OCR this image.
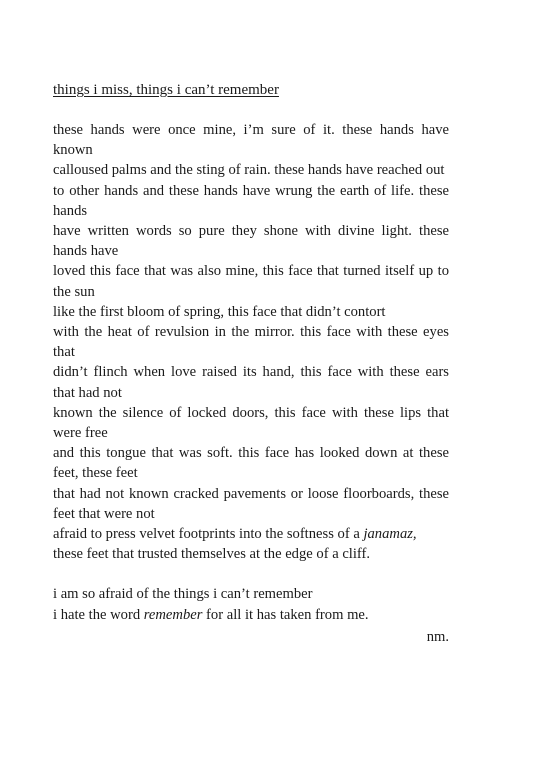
things i miss, things i can’t remember
these hands were once mine, i’m sure of it. these hands have known
calloused palms and the sting of rain. these hands have reached out
to other hands and these hands have wrung the earth of life. these hands
have written words so pure they shone with divine light. these hands have
loved this face that was also mine, this face that turned itself up to the sun
like the first bloom of spring, this face that didn’t contort
with the heat of revulsion in the mirror. this face with these eyes that
didn’t flinch when love raised its hand, this face with these ears that had not
known the silence of locked doors, this face with these lips that were free
and this tongue that was soft. this face has looked down at these feet, these feet
that had not known cracked pavements or loose floorboards, these feet that were not
afraid to press velvet footprints into the softness of a janamaz,
these feet that trusted themselves at the edge of a cliff.
i am so afraid of the things i can’t remember
i hate the word remember for all it has taken from me.
nm.
